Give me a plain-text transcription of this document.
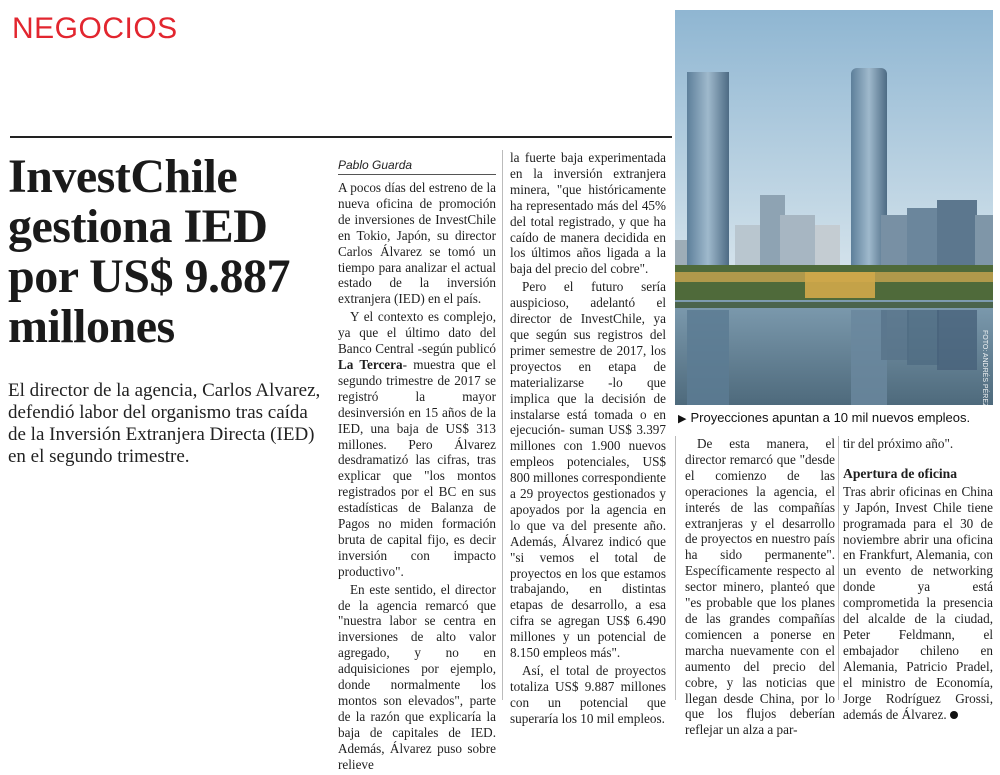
NEGOCIOS
InvestChile
gestiona IED
por US$ 9.887
millones

El director de la agencia, Carlos Alvarez, defendió labor del organismo tras caída de la Inversión Extranjera Directa (IED) en el segundo trimestre.

Pablo Guarda

A pocos días del estreno de la nueva oficina de promoción de inversiones de InvestChile en Tokio, Japón, su director Carlos Álvarez se tomó un tiempo para analizar el actual estado de la inversión extranjera (IED) en el país.

Y el contexto es complejo, ya que el último dato del Banco Central -según publicó La Tercera- muestra que el segundo trimestre de 2017 se registró la mayor desinversión en 15 años de la IED, una baja de US$ 313 millones. Pero Álvarez desdramatizó las cifras, tras explicar que "los montos registrados por el BC en sus estadísticas de Balanza de Pagos no miden formación bruta de capital fijo, es decir inversión con impacto productivo".

En este sentido, el director de la agencia remarcó que "nuestra labor se centra en inversiones de alto valor agregado, y no en adquisiciones por ejemplo, donde normalmente los montos son elevados", parte de la razón que explicaría la baja de capitales de IED. Además, Álvarez puso sobre relieve

la fuerte baja experimentada en la inversión extranjera minera, "que históricamente ha representado más del 45% del total registrado, y que ha caído de manera decidida en los últimos años ligada a la baja del precio del cobre".

Pero el futuro sería auspicioso, adelantó el director de InvestChile, ya que según sus registros del primer semestre de 2017, los proyectos en etapa de materializarse -lo que implica que la decisión de instalarse está tomada o en ejecución- suman US$ 3.397 millones con 1.900 nuevos empleos potenciales, US$ 800 millones correspondiente a 29 proyectos gestionados y apoyados por la agencia en lo que va del presente año. Además, Álvarez indicó que "si vemos el total de proyectos en los que estamos trabajando, en distintas etapas de desarrollo, a esa cifra se agregan US$ 6.490 millones y un potencial de 8.150 empleos más".

Así, el total de proyectos totaliza US$ 9.887 millones con un potencial que superaría los 10 mil empleos.

FOTO: ANDRÉS PÉREZ
▶ Proyecciones apuntan a 10 mil nuevos empleos.

De esta manera, el director remarcó que "desde el comienzo de las operaciones la agencia, el interés de las compañías extranjeras y el desarrollo de proyectos en nuestro país ha sido permanente". Específicamente respecto al sector minero, planteó que "es probable que los planes de las grandes compañías comiencen a ponerse en marcha nuevamente con el aumento del precio del cobre, y las noticias que llegan desde China, por lo que los flujos deberían reflejar un alza a par-

tir del próximo año".

Apertura de oficina

Tras abrir oficinas en China y Japón, Invest Chile tiene programada para el 30 de noviembre abrir una oficina en Frankfurt, Alemania, con un evento de networking donde ya está comprometida la presencia del alcalde de la ciudad, Peter Feldmann, el embajador chileno en Alemania, Patricio Pradel, el ministro de Economía, Jorge Rodríguez Grossi, además de Álvarez.
